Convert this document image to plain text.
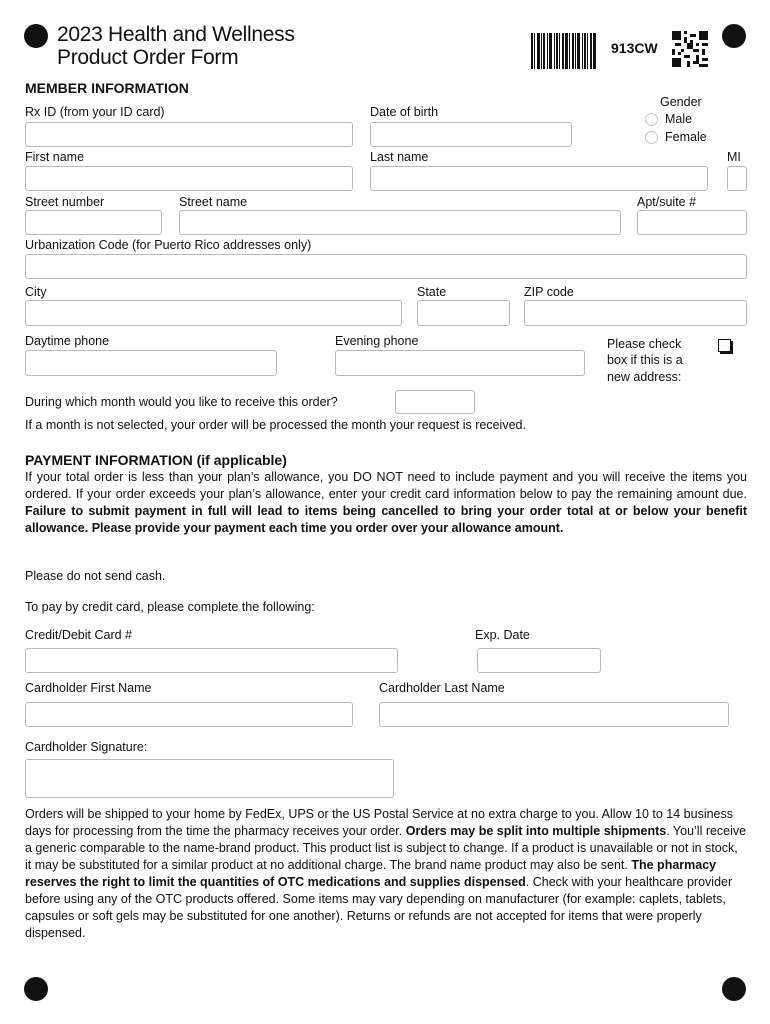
2023 Health and Wellness
Product Order Form	913CW
MEMBER INFORMATION
Rx ID (from your ID card)	Date of birth
Gender
Male
Female
First name	Last name	MI
Street number	Street name	Apt/suite #
Urbanization Code (for Puerto Rico addresses only)
City	State	ZIP code
Daytime phone	Evening phone	Please check
box if this is a
new address:
During which month would you like to receive this order?
If a month is not selected, your order will be processed the month your request is received.
PAYMENT INFORMATION (if applicable)
If your total order is less than your plan’s allowance, you DO NOT need to include payment and you will receive the items you ordered. If your order exceeds your plan’s allowance, enter your credit card information below to pay the remaining amount due. Failure to submit payment in full will lead to items being cancelled to bring your order total at or below your benefit allowance. Please provide your payment each time you order over your allowance amount.
Please do not send cash.
To pay by credit card, please complete the following:
Credit/Debit Card #	Exp. Date
Cardholder First Name	Cardholder Last Name
Cardholder Signature:
Orders will be shipped to your home by FedEx, UPS or the US Postal Service at no extra charge to you. Allow 10 to 14 business days for processing from the time the pharmacy receives your order. Orders may be split into multiple shipments. You’ll receive a generic comparable to the name-brand product. This product list is subject to change. If a product is unavailable or not in stock, it may be substituted for a similar product at no additional charge. The brand name product may also be sent. The pharmacy reserves the right to limit the quantities of OTC medications and supplies dispensed. Check with your healthcare provider before using any of the OTC products offered. Some items may vary depending on manufacturer (for example: caplets, tablets, capsules or soft gels may be substituted for one another). Returns or refunds are not accepted for items that were properly dispensed.
